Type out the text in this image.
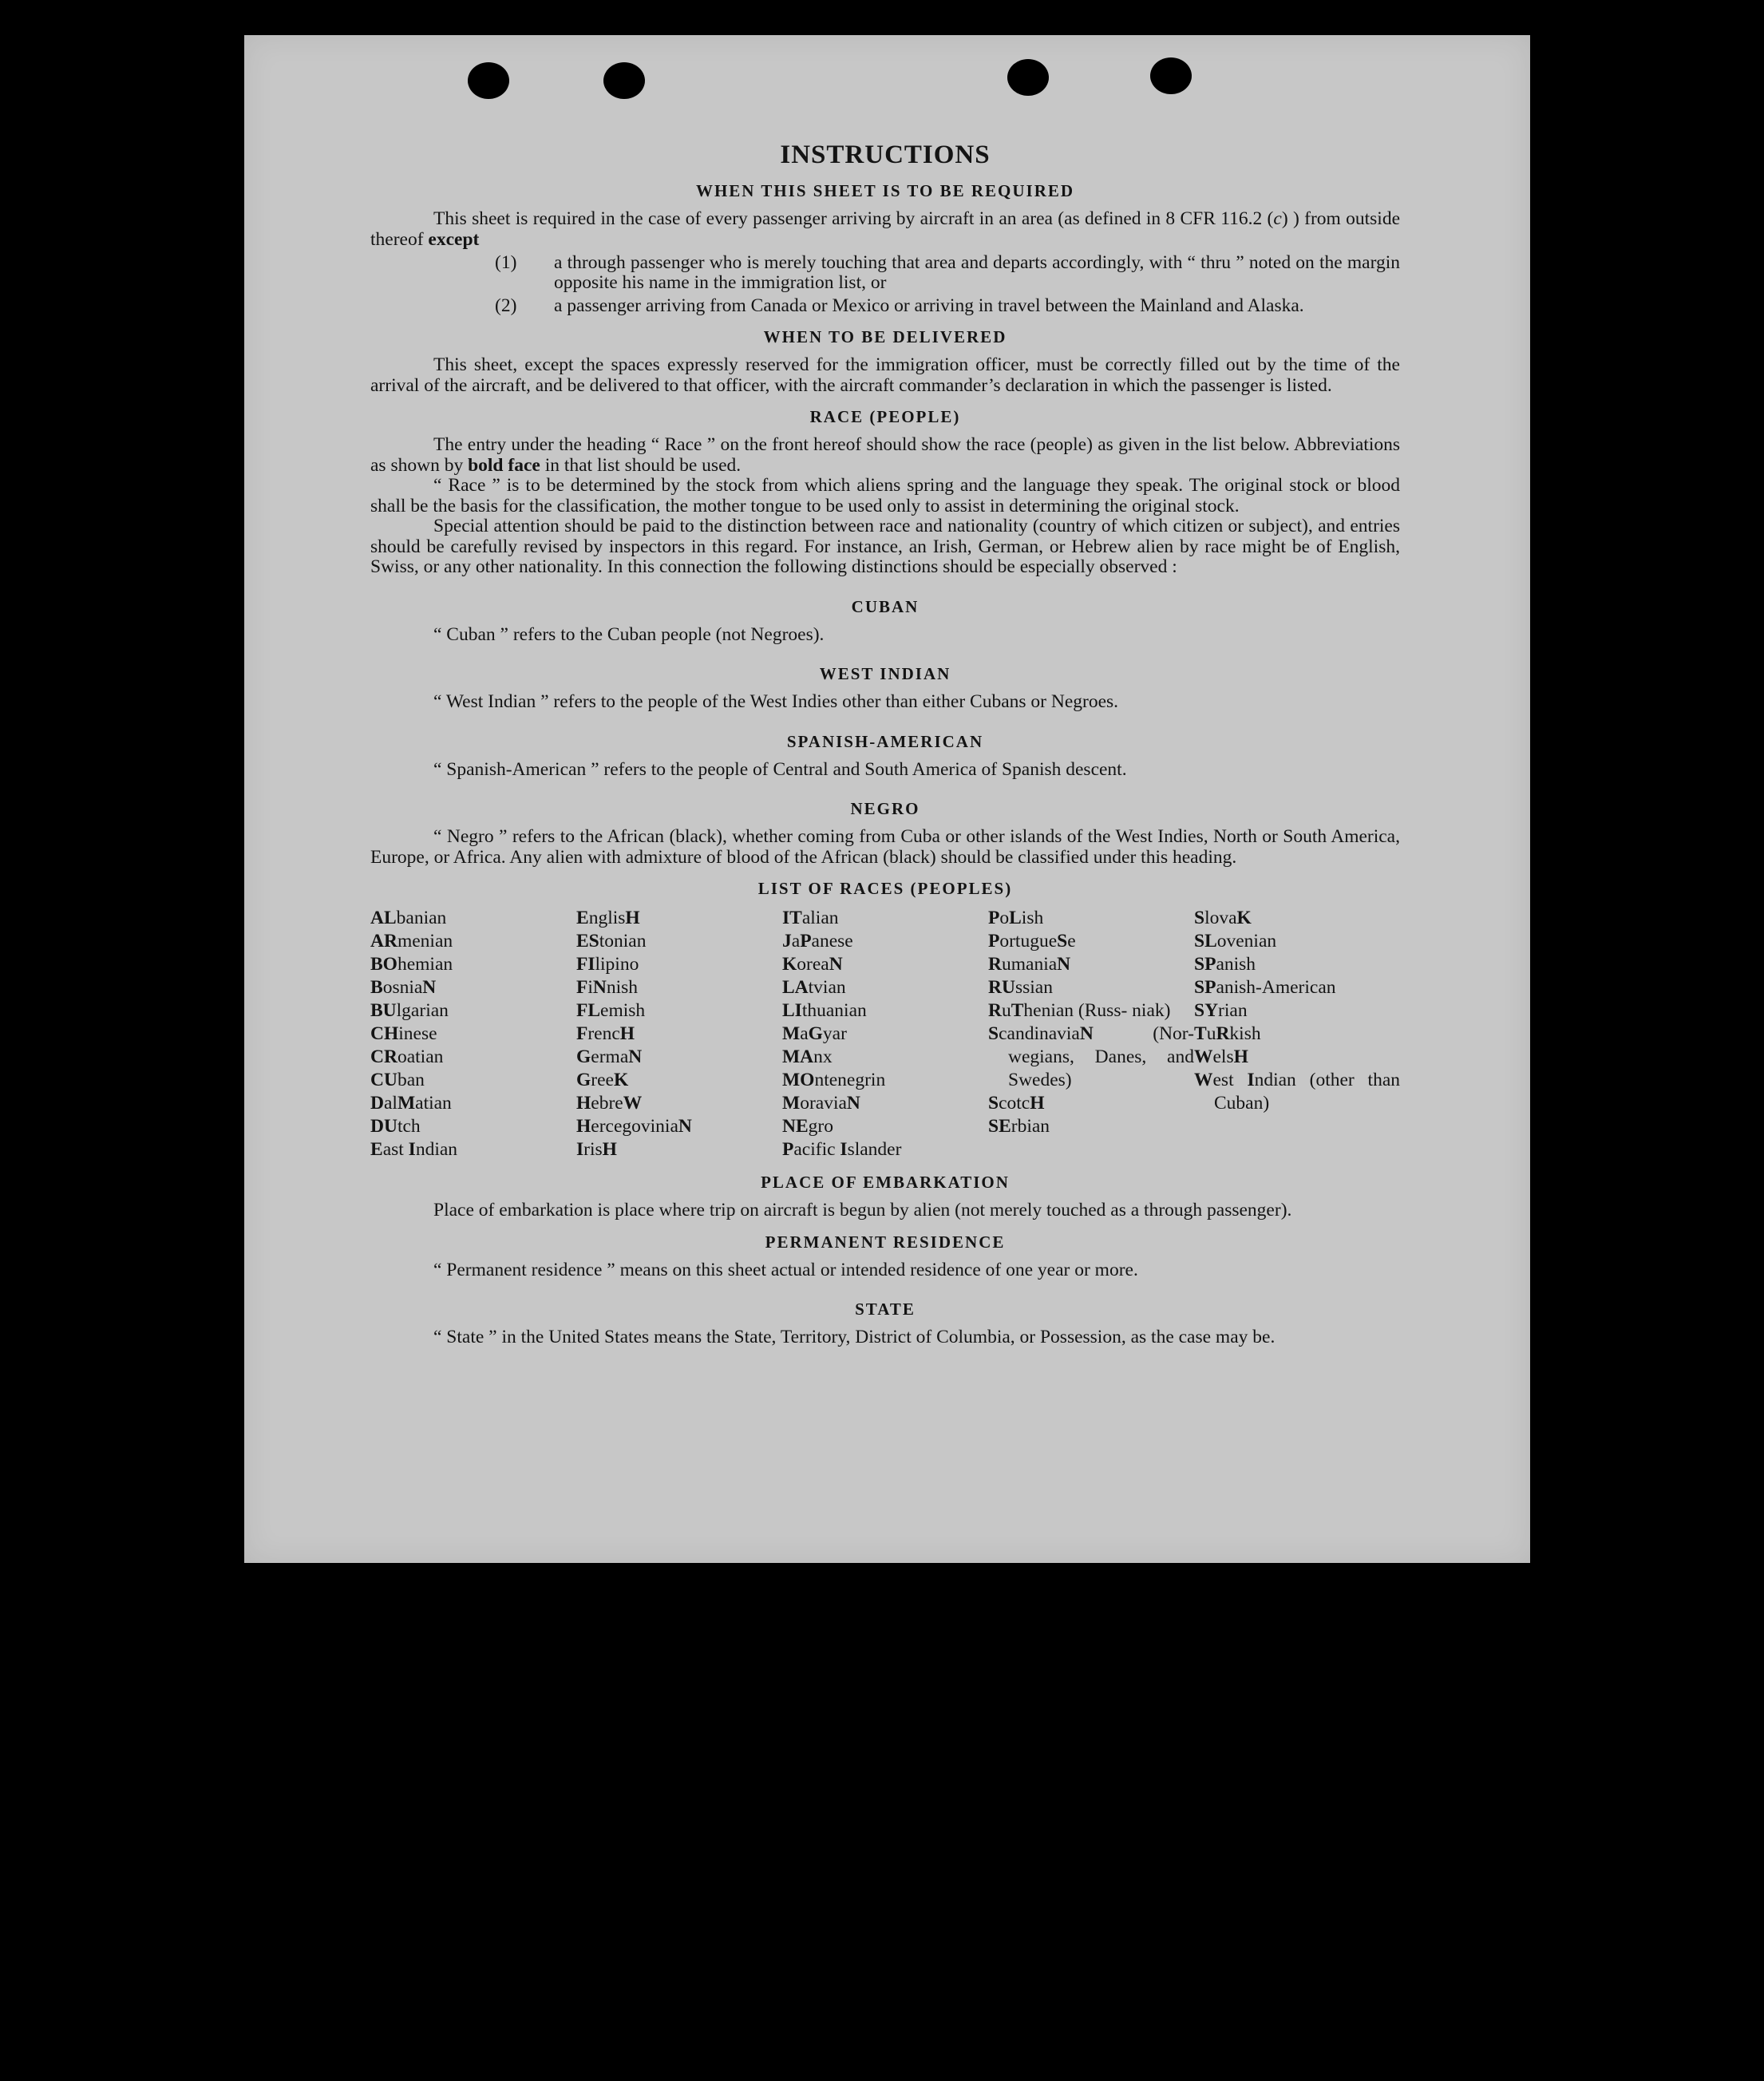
INSTRUCTIONS
WHEN THIS SHEET IS TO BE REQUIRED

This sheet is required in the case of every passenger arriving by aircraft in an area (as defined in 8 CFR 116.2 (c) ) from outside thereof except

(1) a through passenger who is merely touching that area and departs accordingly, with “ thru ” noted on the margin opposite his name in the immigration list, or
(2) a passenger arriving from Canada or Mexico or arriving in travel between the Mainland and Alaska.
WHEN TO BE DELIVERED

This sheet, except the spaces expressly reserved for the immigration officer, must be correctly filled out by the time of the arrival of the aircraft, and be delivered to that officer, with the aircraft commander’s declaration in which the passenger is listed.

RACE (PEOPLE)

The entry under the heading “ Race ” on the front hereof should show the race (people) as given in the list below. Abbreviations as shown by bold face in that list should be used.

“ Race ” is to be determined by the stock from which aliens spring and the language they speak. The original stock or blood shall be the basis for the classification, the mother tongue to be used only to assist in determining the original stock.

Special attention should be paid to the distinction between race and nationality (country of which citizen or subject), and entries should be carefully revised by inspectors in this regard. For instance, an Irish, German, or Hebrew alien by race might be of English, Swiss, or any other nationality. In this connection the following distinctions should be especially observed :

CUBAN

“ Cuban ” refers to the Cuban people (not Negroes).

WEST INDIAN

“ West Indian ” refers to the people of the West Indies other than either Cubans or Negroes.

SPANISH-AMERICAN

“ Spanish-American ” refers to the people of Central and South America of Spanish descent.

NEGRO

“ Negro ” refers to the African (black), whether coming from Cuba or other islands of the West Indies, North or South America, Europe, or Africa. Any alien with admixture of blood of the African (black) should be classified under this heading.

LIST OF RACES (PEOPLES)
ALbanian
ARmenian
BOhemian
BosniaN
BUlgarian
CHinese
CRoatian
CUban
DalMatian
DUtch
East Indian
EnglisH
EStonian
FIlipino
FiNnish
FLemish
FrencH
GermaN
GreeK
HebreW
HercegoviniaN
IrisH
ITalian
JaPanese
KoreaN
LAtvian
LIthuanian
MaGyar
MAnx
MOntenegrin
MoraviaN
NEgro
Pacific Islander
PoLish
PortugueSe
RumaniaN
RUssian
RuThenian (Russ- niak)
ScandinaviaN (Nor- wegians, Danes, and Swedes)
ScotcH
SErbian
SlovaK
SLovenian
SPanish
SPanish-American
SYrian
TuRkish
WelsH
West Indian (other than Cuban)
PLACE OF EMBARKATION

Place of embarkation is place where trip on aircraft is begun by alien (not merely touched as a through passenger).

PERMANENT RESIDENCE

“ Permanent residence ” means on this sheet actual or intended residence of one year or more.

STATE

“ State ” in the United States means the State, Territory, District of Columbia, or Possession, as the case may be.
